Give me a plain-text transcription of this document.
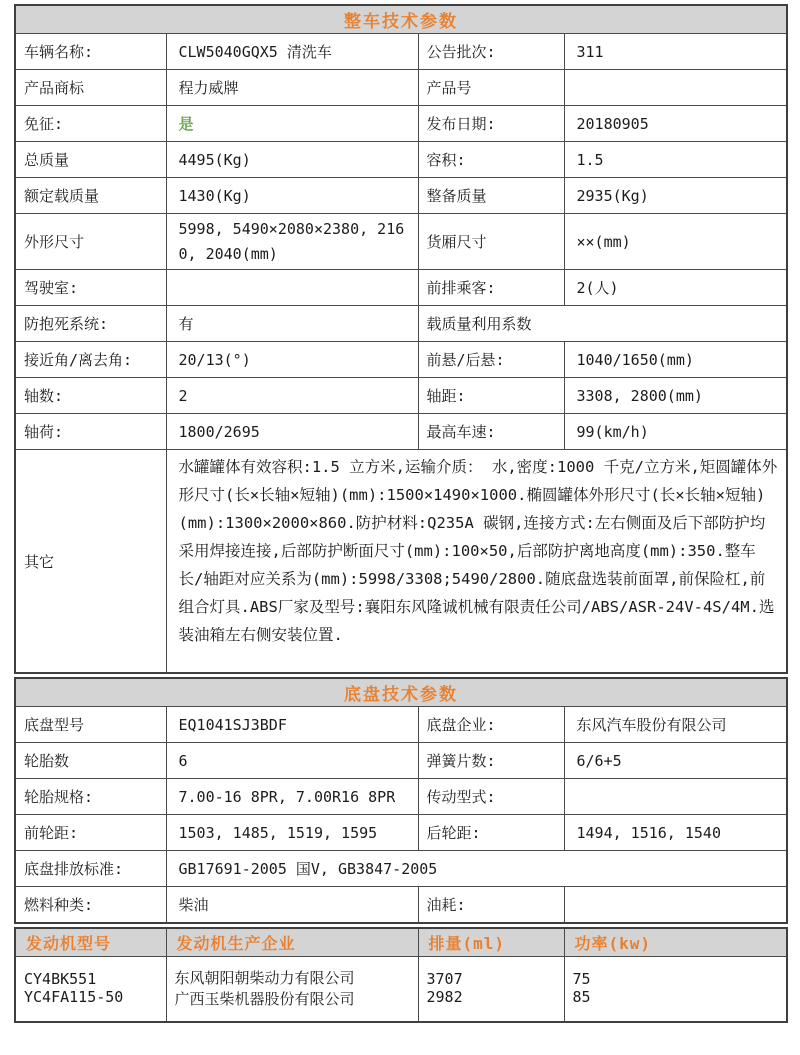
整车技术参数			
车辆名称:	CLW5040GQX5 清洗车	公告批次:	311
产品商标	程力威牌	产品号	
免征:	是	发布日期:	20180905
总质量	4495(Kg)	容积:	1.5
额定载质量	1430(Kg)	整备质量	2935(Kg)
外形尺寸	5998, 5490×2080×2380, 2160, 2040(mm)	货厢尺寸	××(mm)
驾驶室:		前排乘客:	2(人)
防抱死系统:	有	载质量利用系数	
接近角/离去角:	20/13(°)	前悬/后悬:	1040/1650(mm)
轴数:	2	轴距:	3308, 2800(mm)
轴荷:	1800/2695	最高车速:	99(km/h)
其它	水罐罐体有效容积:1.5 立方米,运输介质： 水,密度:1000 千克/立方米,矩圆罐体外形尺寸(长×长轴×短轴)(mm):1500×1490×1000.椭圆罐体外形尺寸(长×长轴×短轴)(mm):1300×2000×860.防护材料:Q235A 碳钢,连接方式:左右侧面及后下部防护均采用焊接连接,后部防护断面尺寸(mm):100×50,后部防护离地高度(mm):350.整车长/轴距对应关系为(mm):5998/3308;5490/2800.随底盘选装前面罩,前保险杠,前组合灯具.ABS厂家及型号:襄阳东风隆诚机械有限责任公司/ABS/ASR-24V-4S/4M.选装油箱左右侧安装位置.		
底盘技术参数			
底盘型号	EQ1041SJ3BDF	底盘企业:	东风汽车股份有限公司
轮胎数	6	弹簧片数:	6/6+5
轮胎规格:	7.00-16 8PR, 7.00R16 8PR	传动型式:	
前轮距:	1503, 1485, 1519, 1595	后轮距:	1494, 1516, 1540
底盘排放标准:	GB17691-2005 国V, GB3847-2005		
燃料种类:	柴油	油耗:	
发动机型号	发动机生产企业	排量(ml)	功率(kw)
CY4BK551	东风朝阳朝柴动力有限公司	3707	75
YC4FA115-50	广西玉柴机器股份有限公司	2982	85
